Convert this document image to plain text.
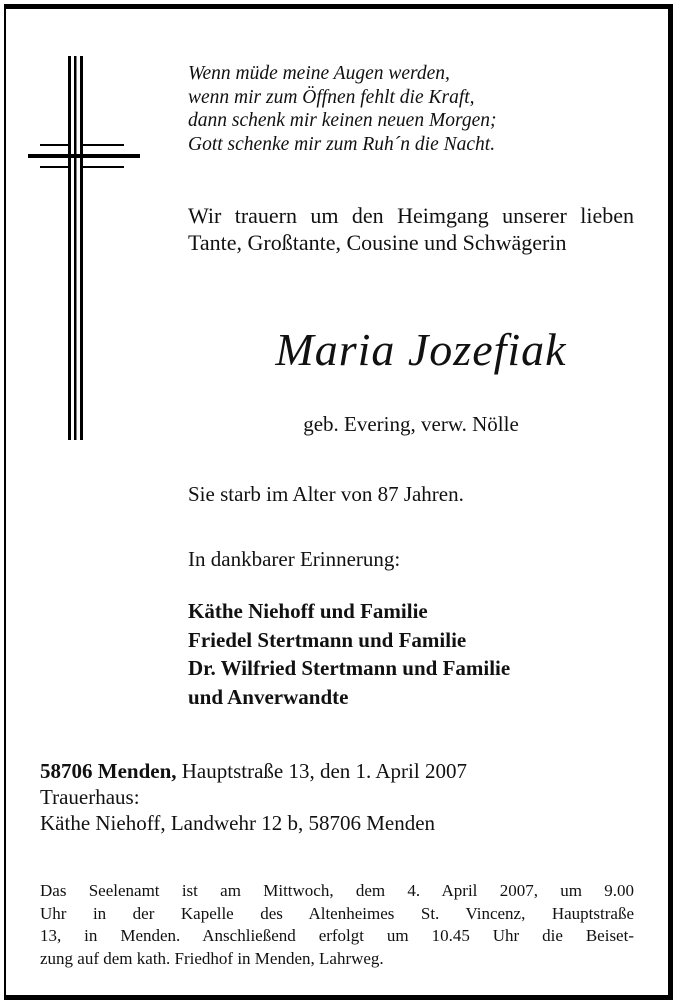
Wenn müde meine Augen werden,
wenn mir zum Öffnen fehlt die Kraft,
dann schenk mir keinen neuen Morgen;
Gott schenke mir zum Ruh´n die Nacht.
Wir trauern um den Heimgang unserer lieben Tante, Großtante, Cousine und Schwägerin
Maria Jozefiak
geb. Evering, verw. Nölle
Sie starb im Alter von 87 Jahren.
In dankbarer Erinnerung:
Käthe Niehoff und Familie
Friedel Stertmann und Familie
Dr. Wilfried Stertmann und Familie
und Anverwandte
58706 Menden, Hauptstraße 13, den 1. April 2007
Trauerhaus:
Käthe Niehoff, Landwehr 12 b, 58706 Menden
Das Seelenamt ist am Mittwoch, dem 4. April 2007, um 9.00
Uhr in der Kapelle des Altenheimes St. Vincenz, Hauptstraße
13, in Menden. Anschließend erfolgt um 10.45 Uhr die Beiset-
zung auf dem kath. Friedhof in Menden, Lahrweg.
